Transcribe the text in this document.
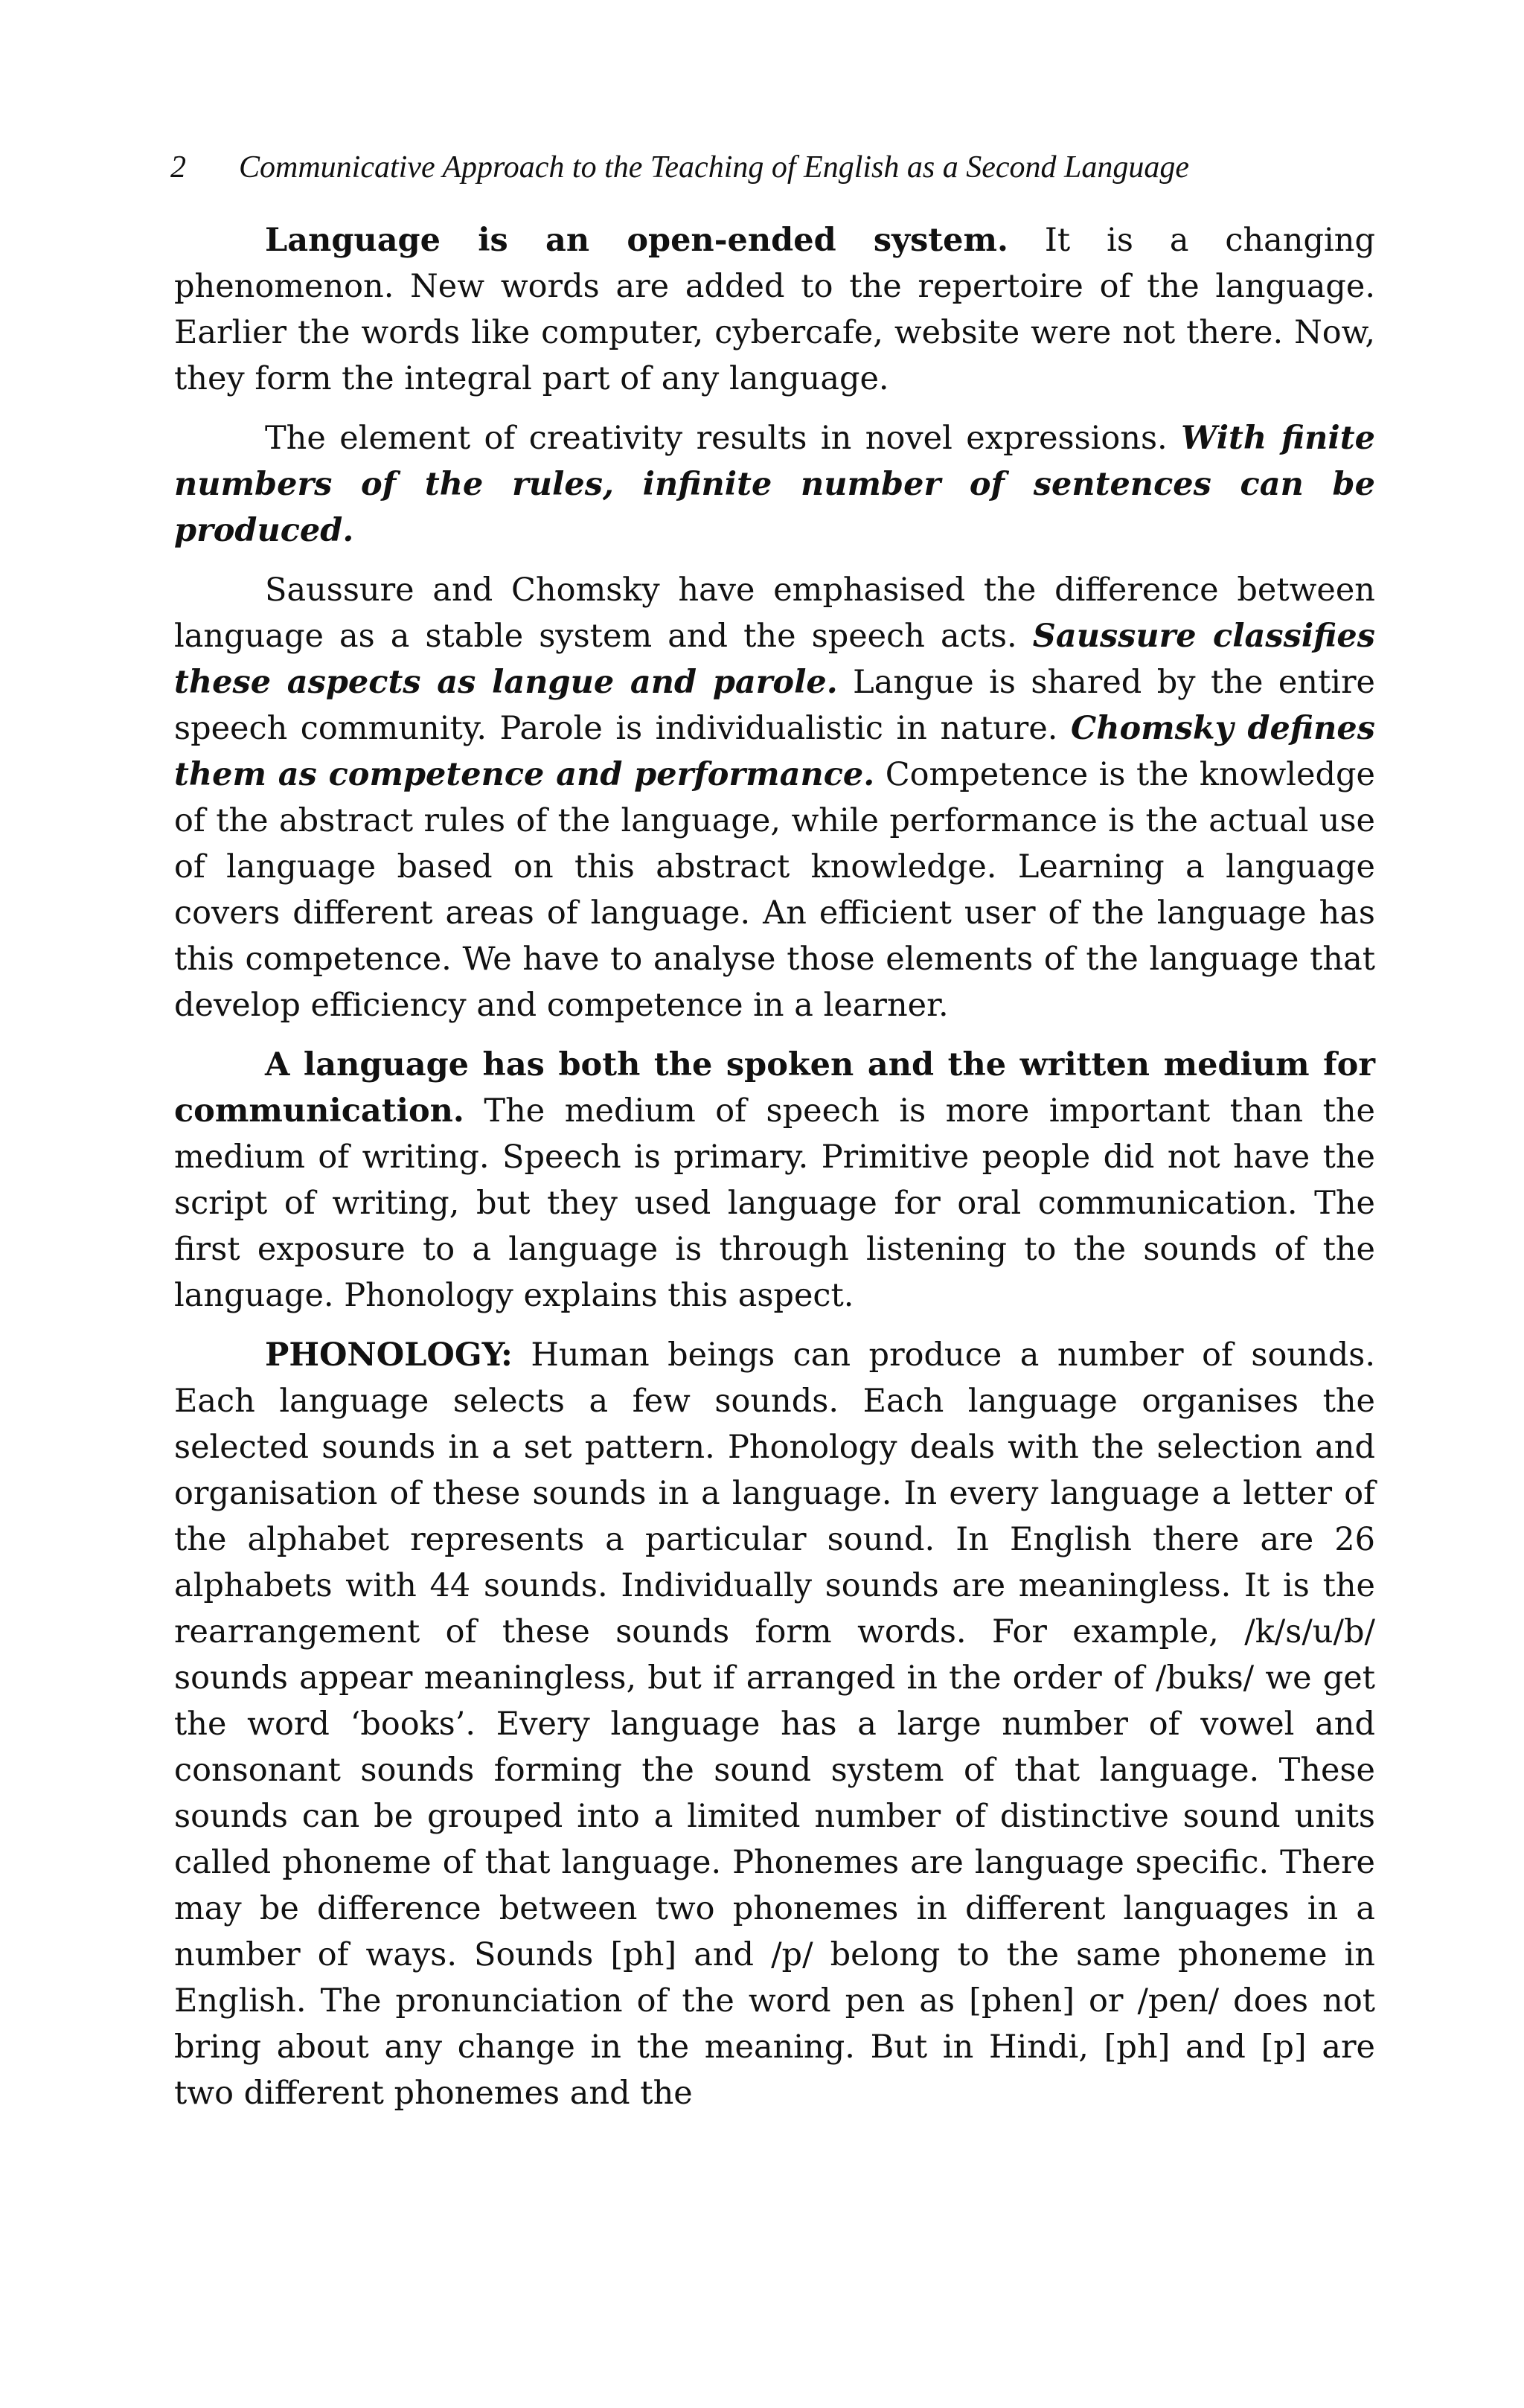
2 Communicative Approach to the Teaching of English as a Second Language

Language is an open-ended system. It is a changing phenomenon. New words are added to the repertoire of the language. Earlier the words like computer, cybercafe, website were not there. Now, they form the integral part of any language.

The element of creativity results in novel expressions. With finite numbers of the rules, infinite number of sentences can be produced.

Saussure and Chomsky have emphasised the difference between language as a stable system and the speech acts. Saussure classifies these aspects as langue and parole. Langue is shared by the entire speech community. Parole is individualistic in nature. Chomsky defines them as competence and performance. Competence is the knowledge of the abstract rules of the language, while performance is the actual use of language based on this abstract knowledge. Learning a language covers different areas of language. An efficient user of the language has this competence. We have to analyse those elements of the language that develop efficiency and competence in a learner.

A language has both the spoken and the written medium for communication. The medium of speech is more important than the medium of writing. Speech is primary. Primitive people did not have the script of writing, but they used language for oral communication. The first exposure to a language is through listening to the sounds of the language. Phonology explains this aspect.

PHONOLOGY: Human beings can produce a number of sounds. Each language selects a few sounds. Each language organises the selected sounds in a set pattern. Phonology deals with the selection and organisation of these sounds in a language. In every language a letter of the alphabet represents a particular sound. In English there are 26 alphabets with 44 sounds. Individually sounds are meaningless. It is the rearrangement of these sounds form words. For example, /k/s/u/b/ sounds appear meaningless, but if arranged in the order of /buks/ we get the word ‘books’. Every language has a large number of vowel and consonant sounds forming the sound system of that language. These sounds can be grouped into a limited number of distinctive sound units called phoneme of that language. Phonemes are language specific. There may be difference between two phonemes in different languages in a number of ways. Sounds [ph] and /p/ belong to the same phoneme in English. The pronunciation of the word pen as [phen] or /pen/ does not bring about any change in the meaning. But in Hindi, [ph] and [p] are two different phonemes and the
